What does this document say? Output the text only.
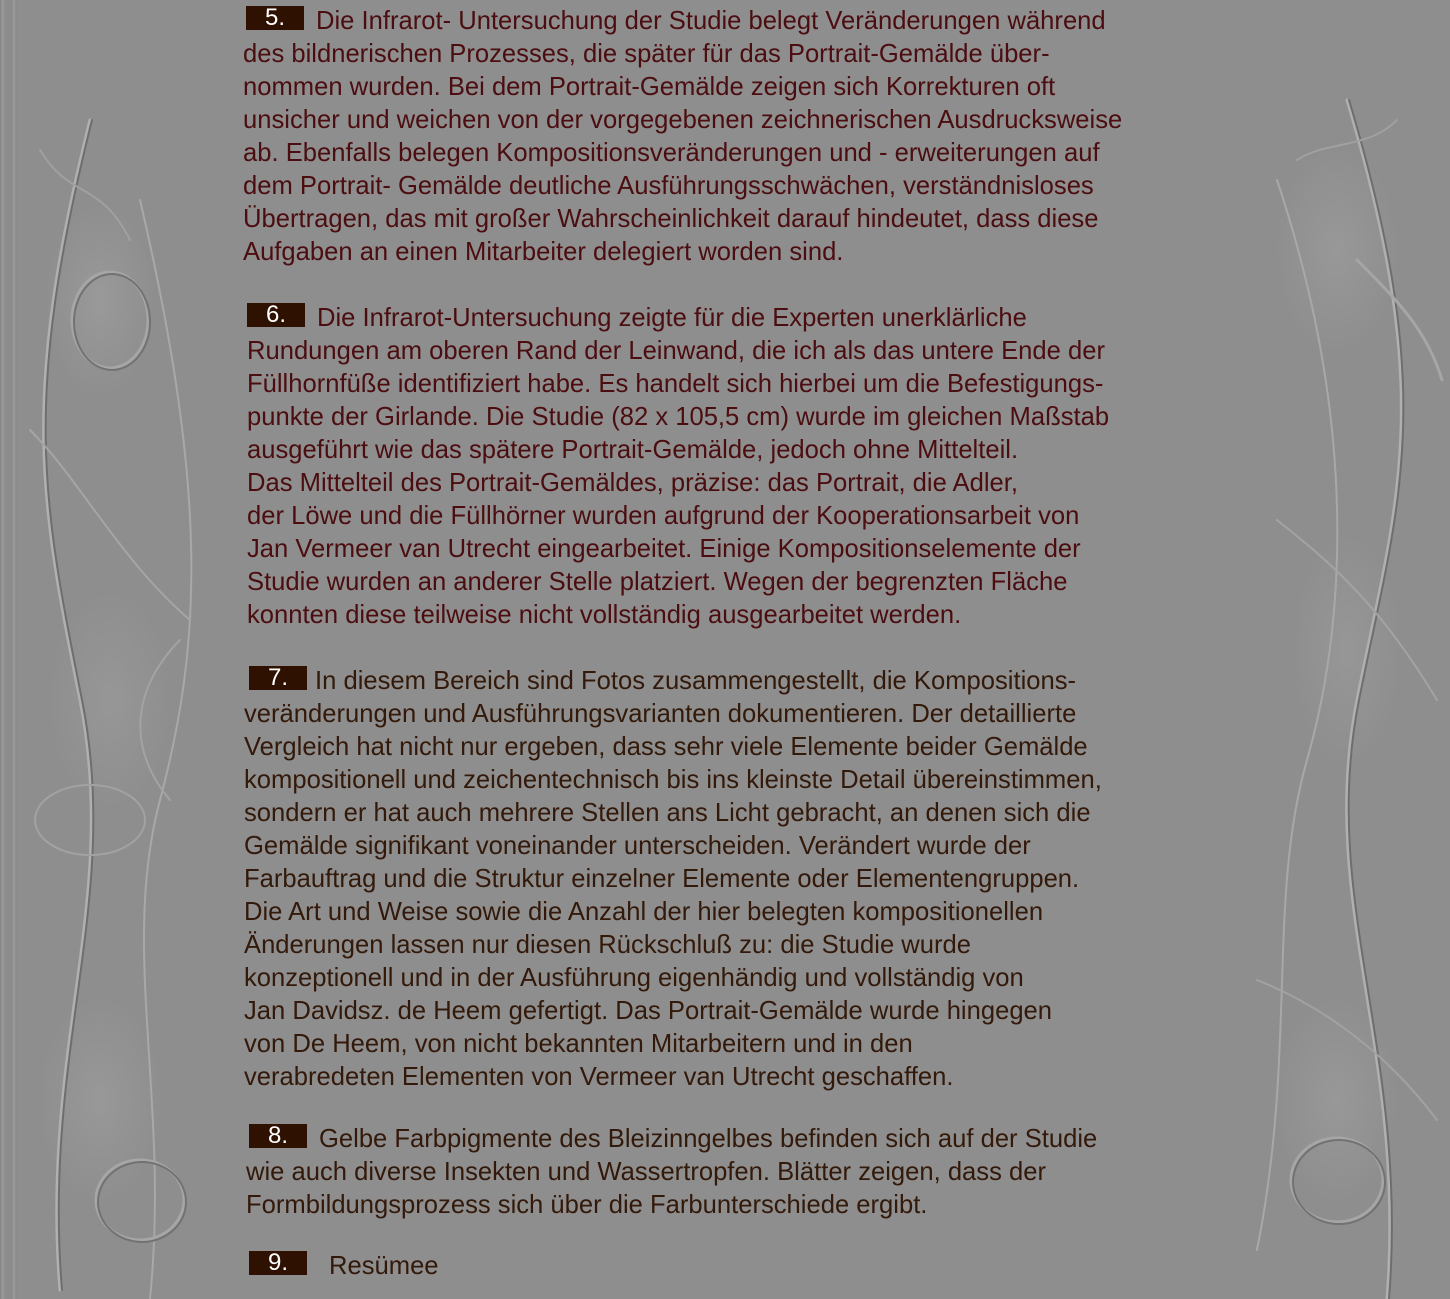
5. Die Infrarot- Untersuchung der Studie belegt Veränderungen während
des bildnerischen Prozesses, die später für das Portrait-Gemälde über-
nommen wurden. Bei dem Portrait-Gemälde zeigen sich Korrekturen oft
unsicher und weichen von der vorgegebenen zeichnerischen Ausdrucksweise
ab. Ebenfalls belegen Kompositionsveränderungen und - erweiterungen auf
dem Portrait- Gemälde deutliche Ausführungsschwächen, verständnisloses
Übertragen, das mit großer Wahrscheinlichkeit darauf hindeutet, dass diese
Aufgaben an einen Mitarbeiter delegiert worden sind.
6. Die Infrarot-Untersuchung zeigte für die Experten unerklärliche
Rundungen am oberen Rand der Leinwand, die ich als das untere Ende der
Füllhornfüße identifiziert habe. Es handelt sich hierbei um die Befestigungs-
punkte der Girlande. Die Studie (82 x 105,5 cm) wurde im gleichen Maßstab
ausgeführt wie das spätere Portrait-Gemälde, jedoch ohne Mittelteil.
Das Mittelteil des Portrait-Gemäldes, präzise: das Portrait, die Adler,
der Löwe und die Füllhörner wurden aufgrund der Kooperationsarbeit von
Jan Vermeer van Utrecht eingearbeitet. Einige Kompositionselemente der
Studie wurden an anderer Stelle platziert. Wegen der begrenzten Fläche
konnten diese teilweise nicht vollständig ausgearbeitet werden.
7. In diesem Bereich sind Fotos zusammengestellt, die Kompositions-
veränderungen und Ausführungsvarianten dokumentieren. Der detaillierte
Vergleich hat nicht nur ergeben, dass sehr viele Elemente beider Gemälde
kompositionell und zeichentechnisch bis ins kleinste Detail übereinstimmen,
sondern er hat auch mehrere Stellen ans Licht gebracht, an denen sich die
Gemälde signifikant voneinander unterscheiden. Verändert wurde der
Farbauftrag und die Struktur einzelner Elemente oder Elementengruppen.
Die Art und Weise sowie die Anzahl der hier belegten kompositionellen
Änderungen lassen nur diesen Rückschluß zu: die Studie wurde
konzeptionell und in der Ausführung eigenhändig und vollständig von
Jan Davidsz. de Heem gefertigt. Das Portrait-Gemälde wurde hingegen
von De Heem, von nicht bekannten Mitarbeitern und in den
verabredeten Elementen von Vermeer van Utrecht geschaffen.
8. Gelbe Farbpigmente des Bleizinngelbes befinden sich auf der Studie
wie auch diverse Insekten und Wassertropfen. Blätter zeigen, dass der
Formbildungsprozess sich über die Farbunterschiede ergibt.
9. Resümee
